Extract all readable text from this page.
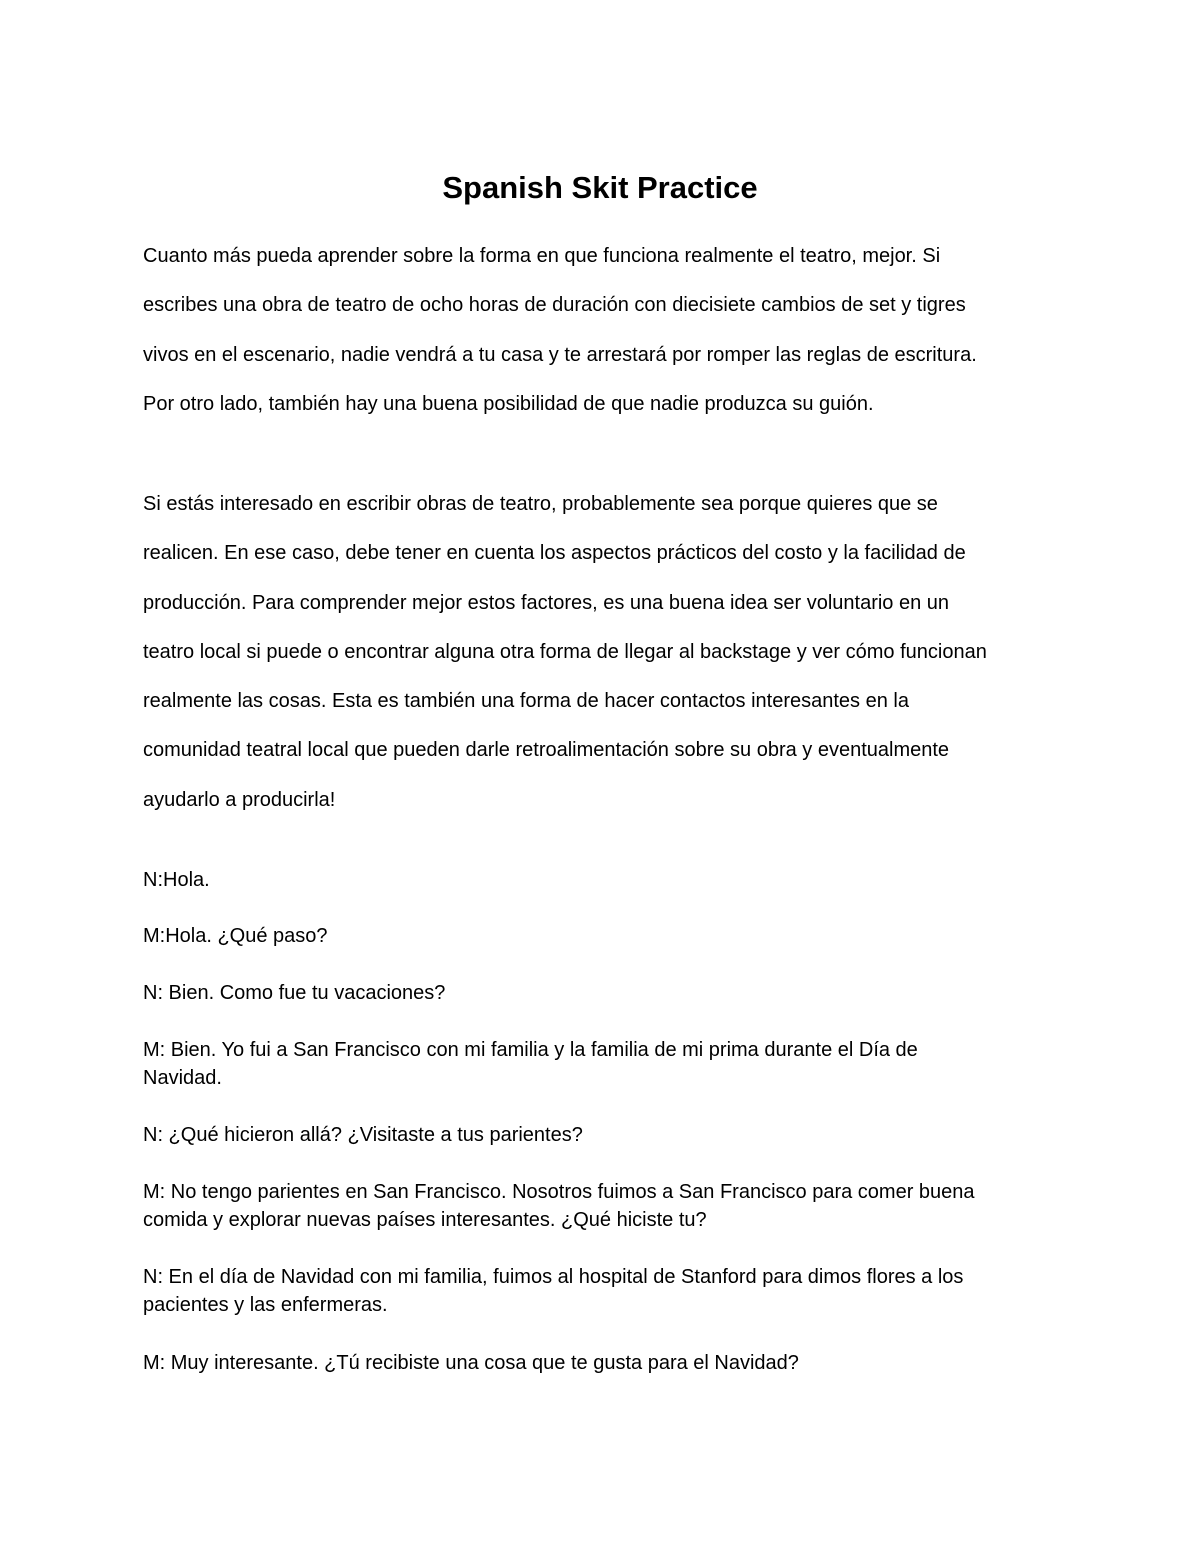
Spanish Skit Practice

Cuanto más pueda aprender sobre la forma en que funciona realmente el teatro, mejor. Si
escribes una obra de teatro de ocho horas de duración con diecisiete cambios de set y tigres
vivos en el escenario, nadie vendrá a tu casa y te arrestará por romper las reglas de escritura.
Por otro lado, también hay una buena posibilidad de que nadie produzca su guión.

Si estás interesado en escribir obras de teatro, probablemente sea porque quieres que se
realicen. En ese caso, debe tener en cuenta los aspectos prácticos del costo y la facilidad de
producción. Para comprender mejor estos factores, es una buena idea ser voluntario en un
teatro local si puede o encontrar alguna otra forma de llegar al backstage y ver cómo funcionan
realmente las cosas. Esta es también una forma de hacer contactos interesantes en la
comunidad teatral local que pueden darle retroalimentación sobre su obra y eventualmente
ayudarlo a producirla!

N:Hola.

M:Hola. ¿Qué paso?

N: Bien. Como fue tu vacaciones?

M: Bien. Yo fui a San Francisco con mi familia y la familia de mi prima durante el Día de
Navidad.

N: ¿Qué hicieron allá? ¿Visitaste a tus parientes?

M: No tengo parientes en San Francisco. Nosotros fuimos a San Francisco para comer buena
comida y explorar nuevas países interesantes. ¿Qué hiciste tu?

N: En el día de Navidad con mi familia, fuimos al hospital de Stanford para dimos flores a los
pacientes y las enfermeras.

M: Muy interesante. ¿Tú recibiste una cosa que te gusta para el Navidad?
